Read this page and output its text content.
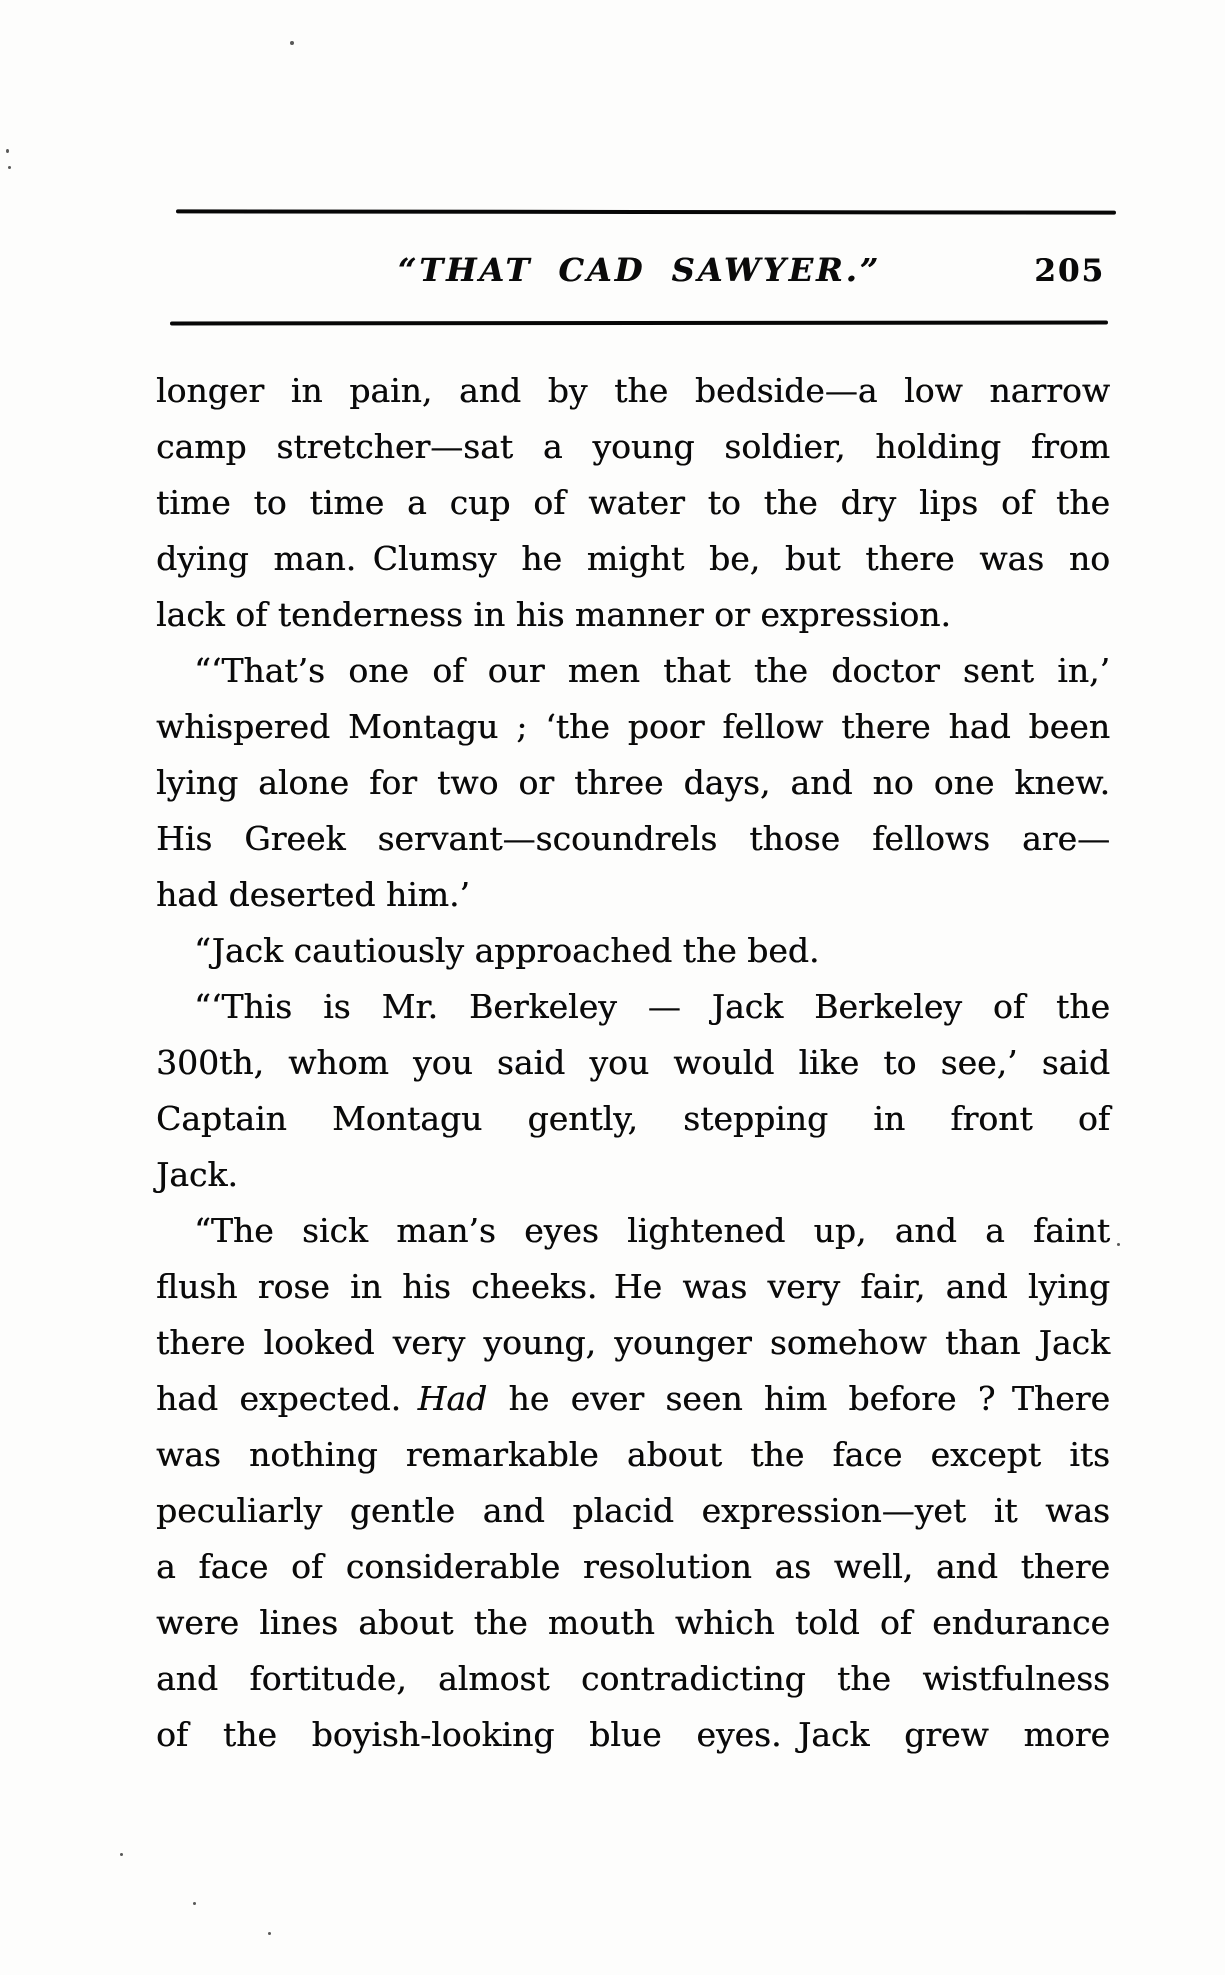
“THAT CAD SAWYER.”	205

longer in pain, and by the bedside—a low narrow
camp stretcher—sat a young soldier, holding from
time to time a cup of water to the dry lips of the
dying man. Clumsy he might be, but there was no
lack of tenderness in his manner or expression.

“‘That’s one of our men that the doctor sent in,’
whispered Montagu ; ‘the poor fellow there had been
lying alone for two or three days, and no one knew.
His Greek servant—scoundrels those fellows are—
had deserted him.’

“Jack cautiously approached the bed.

“‘This is Mr. Berkeley — Jack Berkeley of the
300th, whom you said you would like to see,’ said
Captain Montagu gently, stepping in front of
Jack.

“The sick man’s eyes lightened up, and a faint
flush rose in his cheeks. He was very fair, and lying
there looked very young, younger somehow than Jack
had expected. Had he ever seen him before ? There
was nothing remarkable about the face except its
peculiarly gentle and placid expression—yet it was
a face of considerable resolution as well, and there
were lines about the mouth which told of endurance
and fortitude, almost contradicting the wistfulness
of the boyish-looking blue eyes. Jack grew more
